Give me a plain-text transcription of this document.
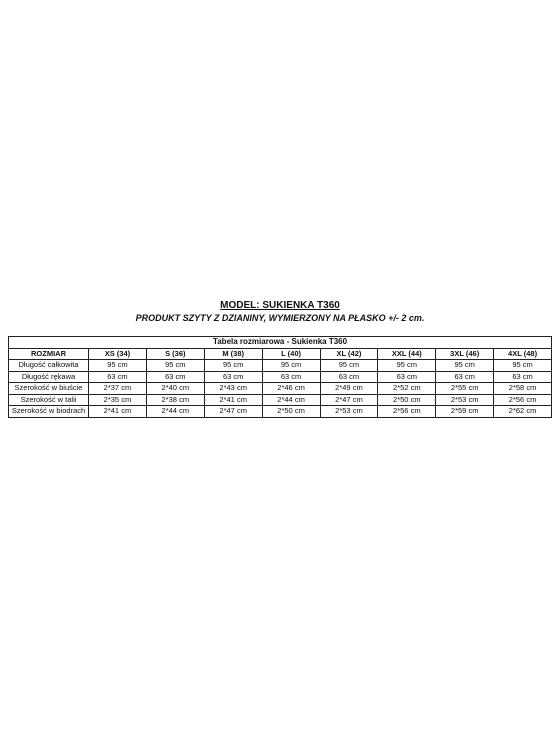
MODEL: SUKIENKA T360
PRODUKT SZYTY Z DZIANINY, WYMIERZONY NA PŁASKO +/- 2 cm.
Tabela rozmiarowa - Sukienka T360								
ROZMIAR	XS (34)	S (36)	M (38)	L (40)	XL (42)	XXL (44)	3XL (46)	4XL (48)
Długość całkowita	95 cm	95 cm	95 cm	95 cm	95 cm	95 cm	95 cm	95 cm
Długość rękawa	63 cm	63 cm	63 cm	63 cm	63 cm	63 cm	63 cm	63 cm
Szerokość w biuście	2*37 cm	2*40 cm	2*43 cm	2*46 cm	2*49 cm	2*52 cm	2*55 cm	2*58 cm
Szerokość w talii	2*35 cm	2*38 cm	2*41 cm	2*44 cm	2*47 cm	2*50 cm	2*53 cm	2*56 cm
Szerokość w biodrach	2*41 cm	2*44 cm	2*47 cm	2*50 cm	2*53 cm	2*56 cm	2*59 cm	2*62 cm
